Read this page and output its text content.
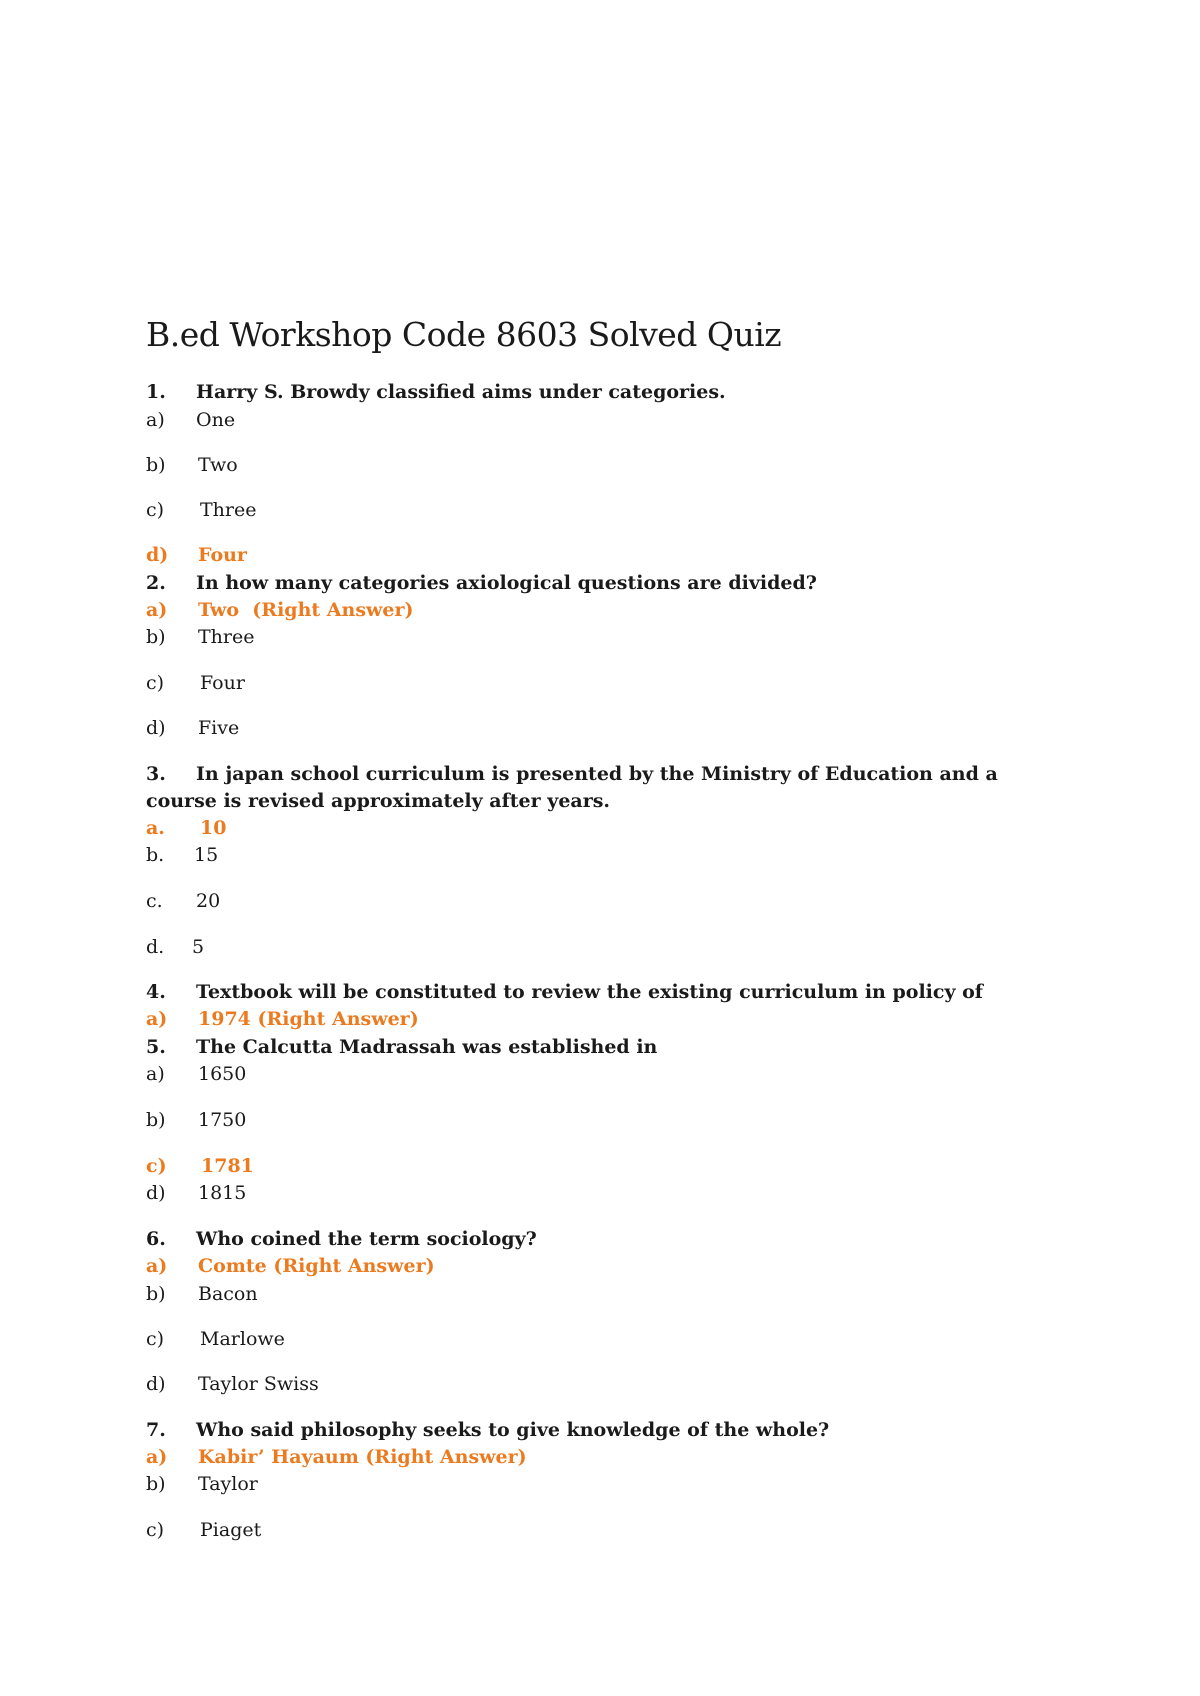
B.ed Workshop Code 8603 Solved Quiz
1. Harry S. Browdy classified aims under categories.
a) One
b) Two
c) Three
d) Four
2. In how many categories axiological questions are divided?
a) Two  (Right Answer)
b) Three
c) Four
d) Five
3. In japan school curriculum is presented by the Ministry of Education and a
course is revised approximately after years.
a. 10
b. 15
c. 20
d. 5
4. Textbook will be constituted to review the existing curriculum in policy of
a) 1974 (Right Answer)
5. The Calcutta Madrassah was established in
a) 1650
b) 1750
c) 1781
d) 1815
6. Who coined the term sociology?
a) Comte (Right Answer)
b) Bacon
c) Marlowe
d) Taylor Swiss
7. Who said philosophy seeks to give knowledge of the whole?
a) Kabir’ Hayaum (Right Answer)
b) Taylor
c) Piaget
